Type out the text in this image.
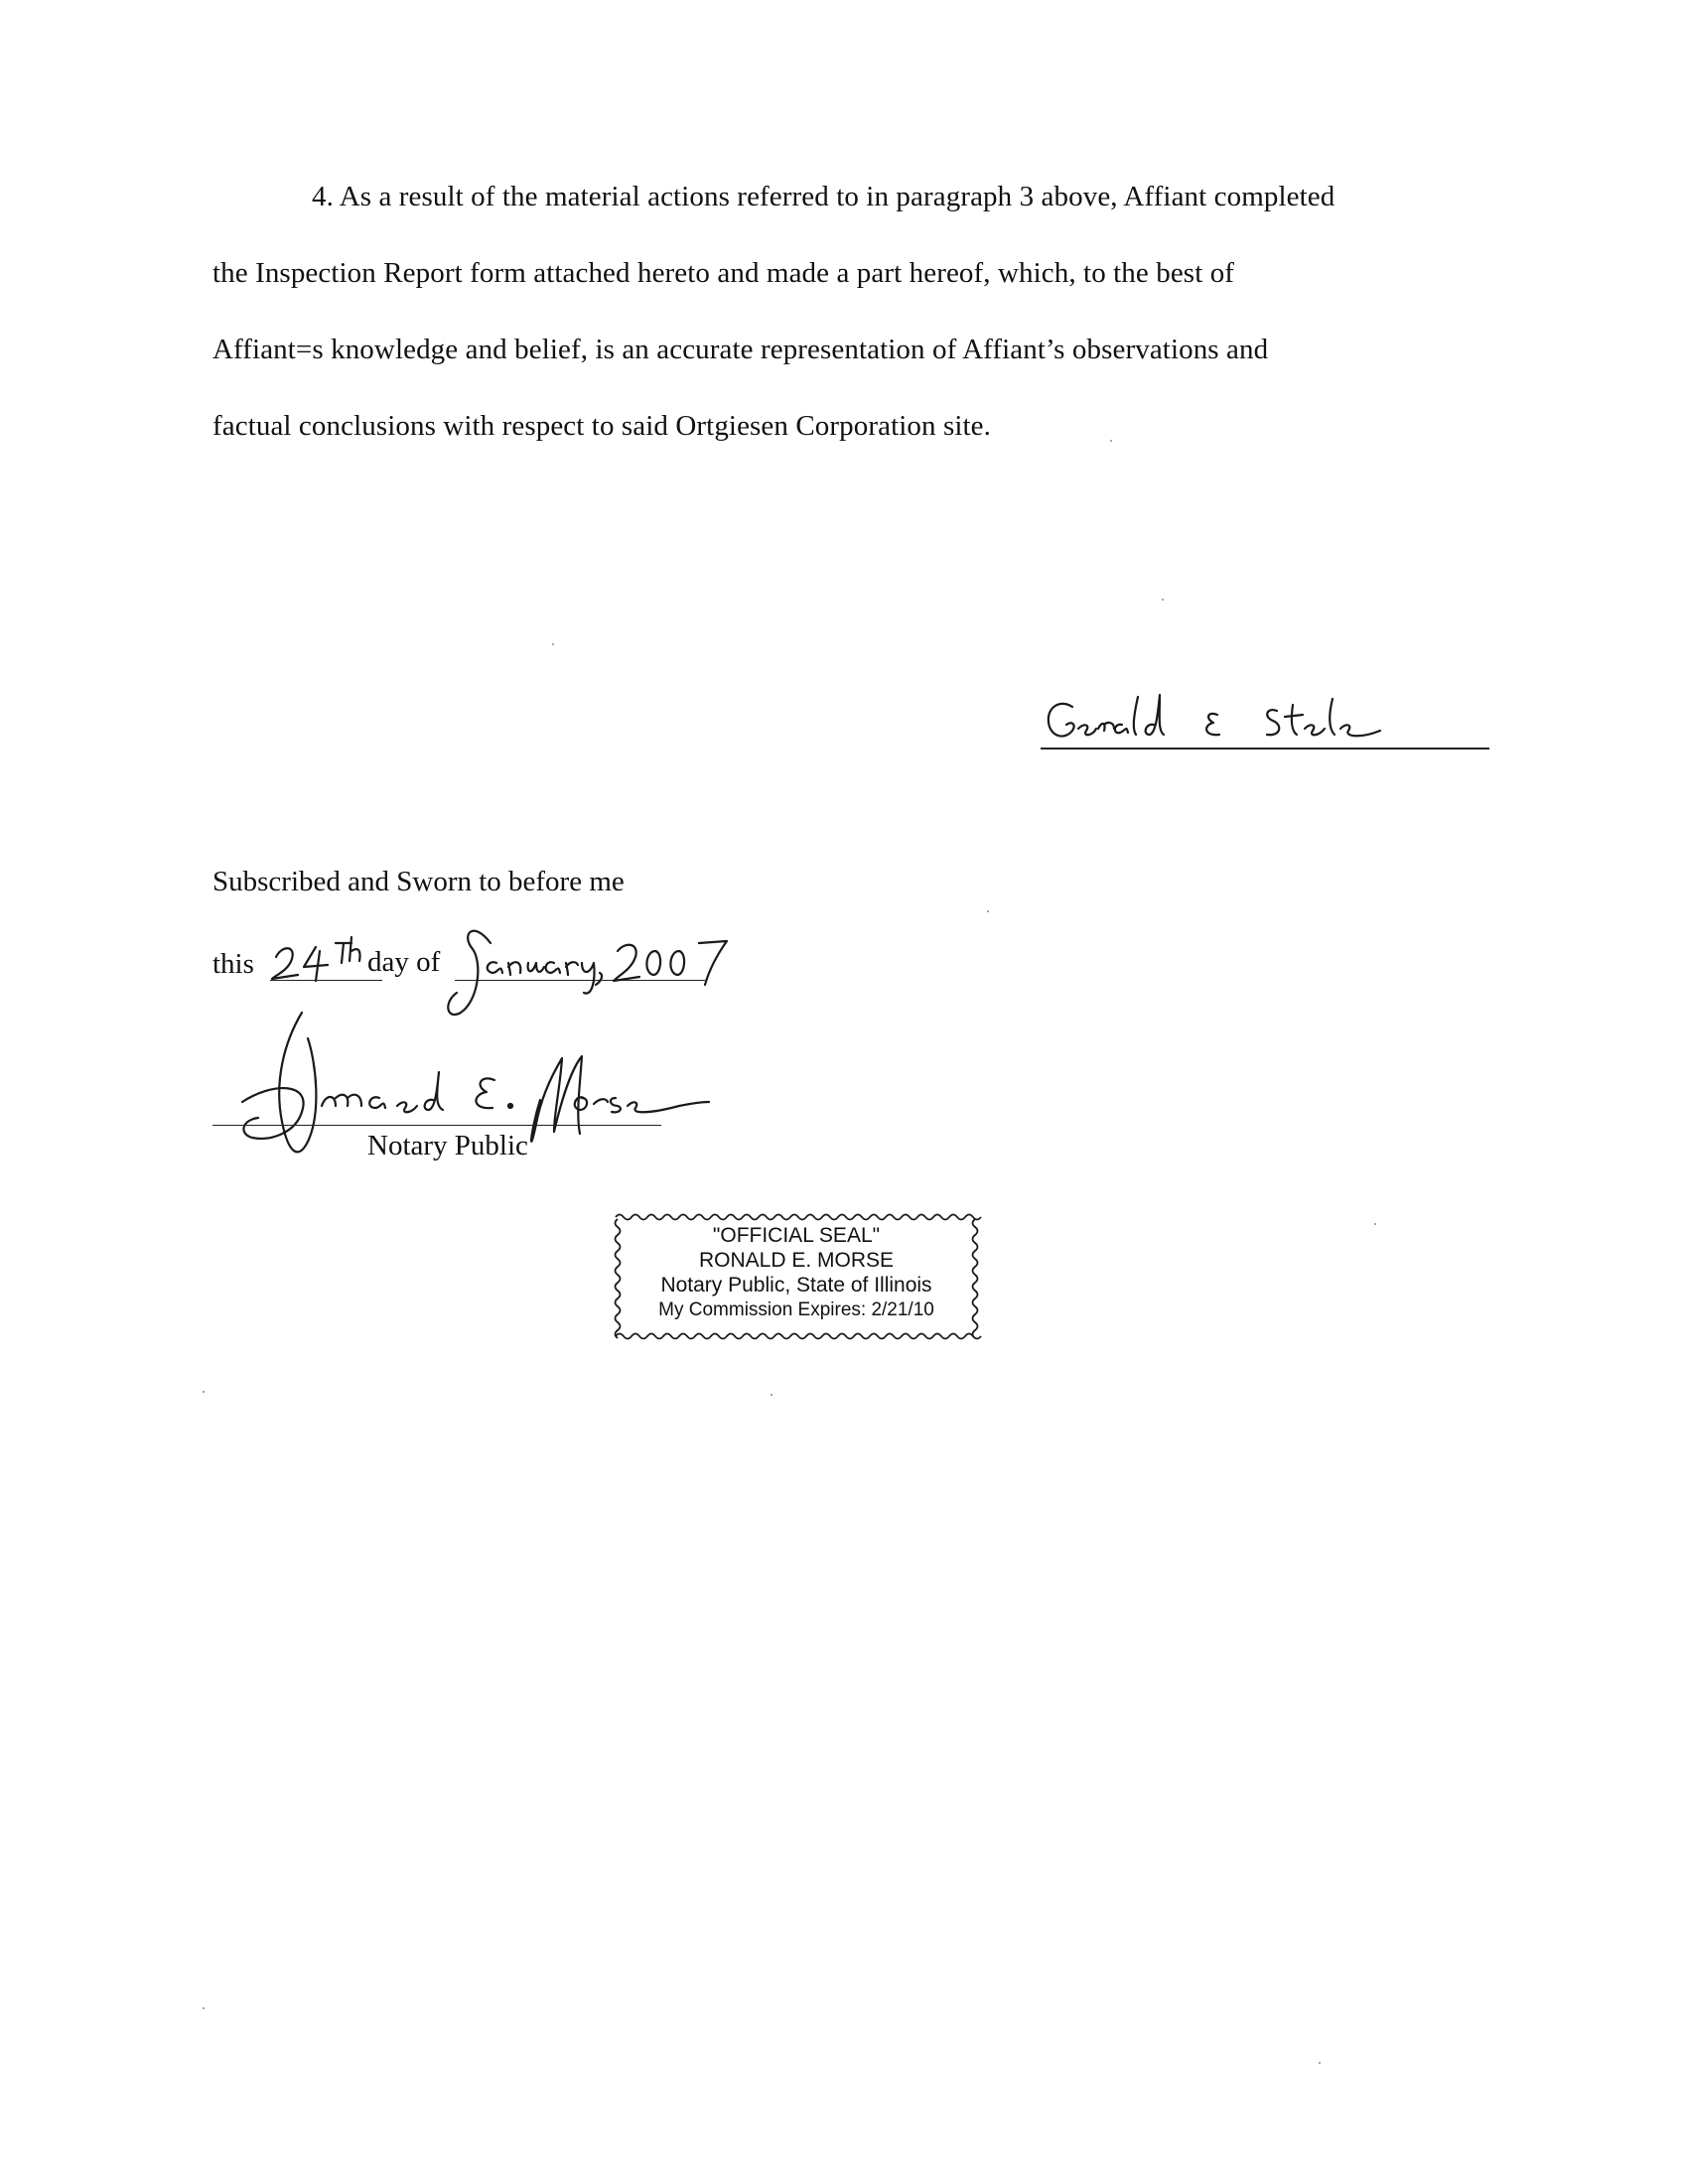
4. As a result of the material actions referred to in paragraph 3 above, Affiant completed
the Inspection Report form attached hereto and made a part hereof, which, to the best of
Affiant=s knowledge and belief, is an accurate representation of Affiant’s observations and
factual conclusions with respect to said Ortgiesen Corporation site.
Subscribed and Sworn to before me
this	day of
Notary Public
"OFFICIAL SEAL"
RONALD E. MORSE
Notary Public, State of Illinois
My Commission Expires: 2/21/10
